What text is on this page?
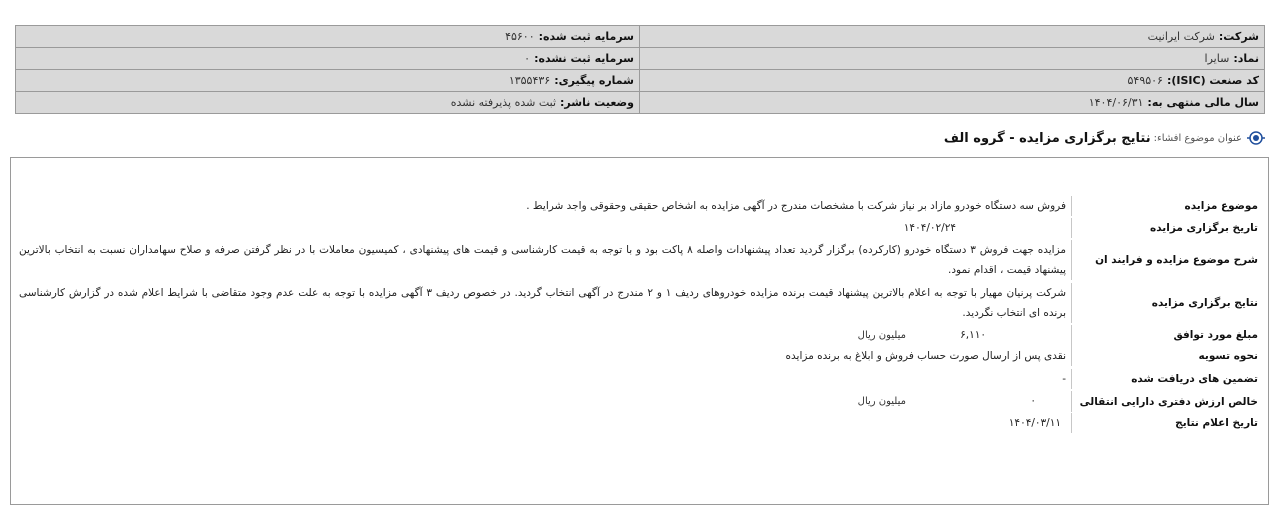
شرکت:شرکت ایرانیت	سرمایه ثبت شده:۴۵۶۰۰
نماد:سایرا	سرمایه ثبت نشده:۰
کد صنعت (ISIC):۵۴۹۵۰۶	شماره پیگیری:۱۳۵۵۴۳۶
سال مالی منتهی به:۱۴۰۴/۰۶/۳۱	وضعیت ناشر:ثبت شده پذیرفته نشده
عنوان موضوع افشاء:
نتایج برگزاری مزایده - گروه الف
موضوع مزایده
فروش سه دستگاه خودرو مازاد بر نیاز شرکت با مشخصات مندرج در آگهی مزایده به اشخاص حقیقی وحقوقی واجد شرایط .
تاریخ برگزاری مزایده
۱۴۰۴/۰۲/۲۴
شرح موضوع مزایده و فرایند ان
مزایده جهت فروش ۳ دستگاه خودرو (کارکرده) برگزار گردید تعداد پیشنهادات واصله ۸ پاکت بود و با توجه به قیمت کارشناسی و قیمت های پیشنهادی ، کمیسیون معاملات با در نظر گرفتن صرفه و صلاح سهامداران نسبت به انتخاب بالاترین پیشنهاد قیمت ، اقدام نمود.
نتایج برگزاری مزایده
شرکت پرنیان مهیار با توجه به اعلام بالاترین پیشنهاد قیمت برنده مزایده خودروهای ردیف ۱ و ۲ مندرج در آگهی انتخاب گردید. در خصوص ردیف ۳ آگهی مزایده با توجه به علت عدم وجود متقاضی با شرایط اعلام شده در گزارش کارشناسی برنده ای انتخاب نگردید.
مبلغ مورد توافق
۶,۱۱۰میلیون ریال
نحوه تسویه
نقدی پس از ارسال صورت حساب فروش و ابلاغ به برنده مزایده
تضمین های دریافت شده
-
خالص ارزش دفتری دارایی انتقالی
۰میلیون ریال
تاریخ اعلام نتایج
۱۴۰۴/۰۳/۱۱
